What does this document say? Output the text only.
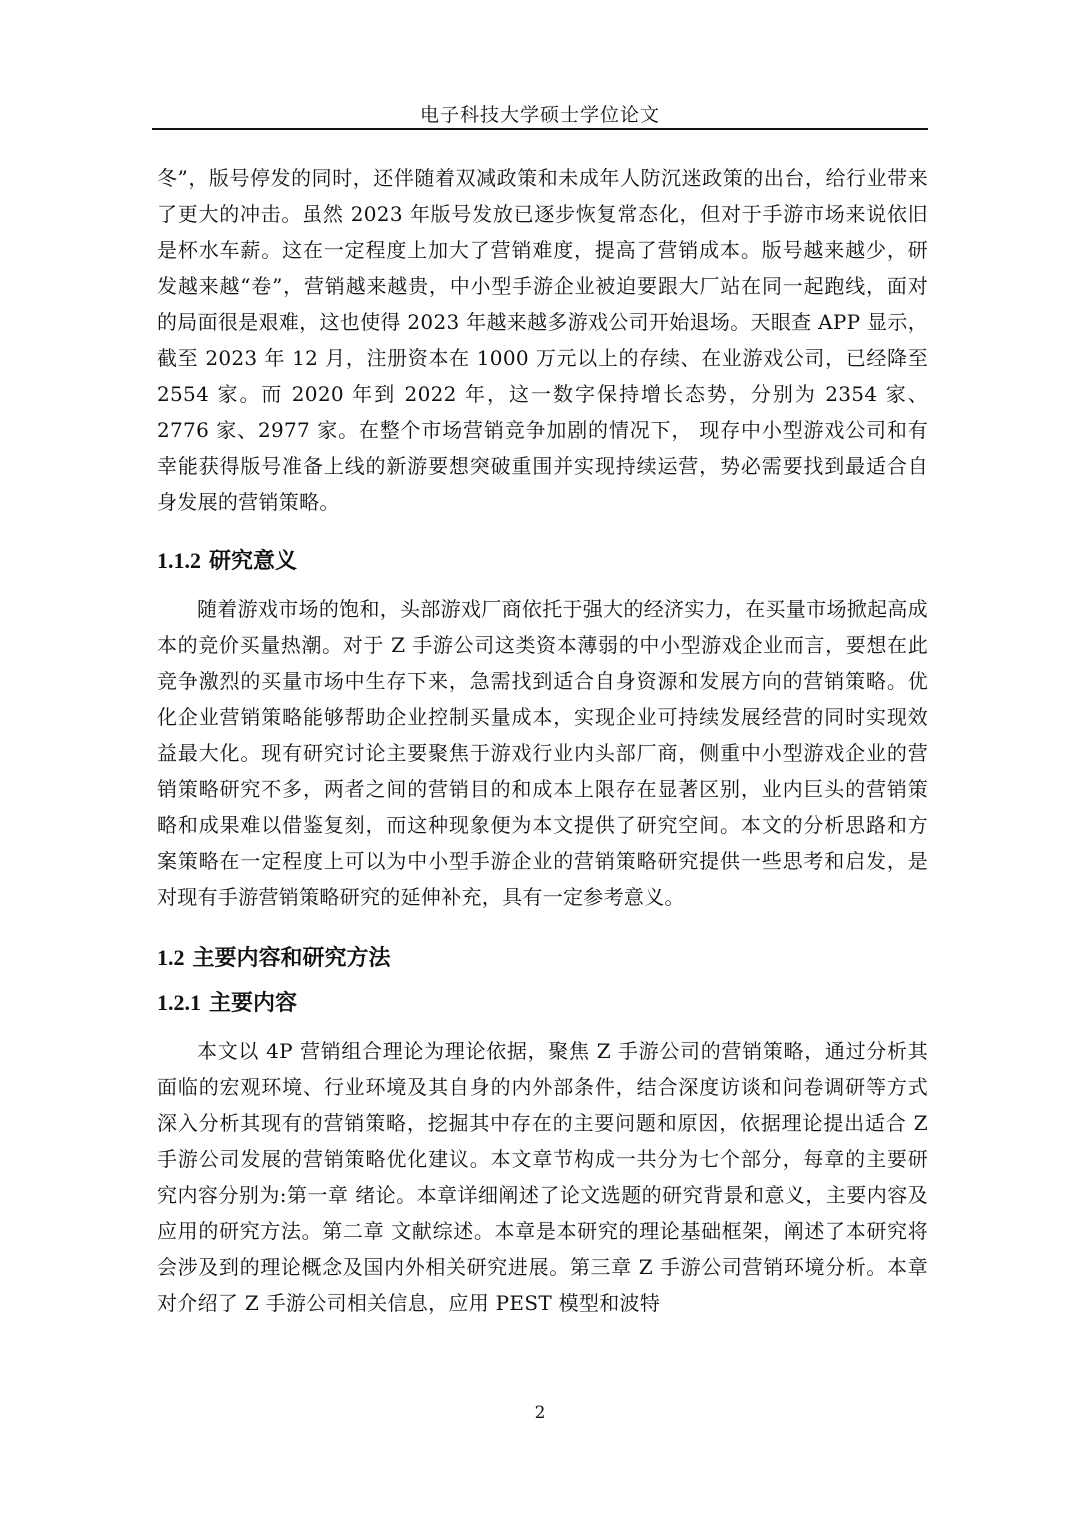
电子科技大学硕士学位论文

冬”，版号停发的同时，还伴随着双减政策和未成年人防沉迷政策的出台，给行业带来了更大的冲击。虽然 2023 年版号发放已逐步恢复常态化，但对于手游市场来说依旧是杯水车薪。这在一定程度上加大了营销难度，提高了营销成本。版号越来越少，研发越来越“卷”，营销越来越贵，中小型手游企业被迫要跟大厂站在同一起跑线，面对的局面很是艰难，这也使得 2023 年越来越多游戏公司开始退场。天眼查 APP 显示，截至 2023 年 12 月，注册资本在 1000 万元以上的存续、在业游戏公司，已经降至 2554 家。而 2020 年到 2022 年，这一数字保持增长态势，分别为 2354 家、2776 家、2977 家。在整个市场营销竞争加剧的情况下， 现存中小型游戏公司和有幸能获得版号准备上线的新游要想突破重围并实现持续运营，势必需要找到最适合自身发展的营销策略。

1.1.2 研究意义

随着游戏市场的饱和，头部游戏厂商依托于强大的经济实力，在买量市场掀起高成本的竞价买量热潮。对于 Z 手游公司这类资本薄弱的中小型游戏企业而言，要想在此竞争激烈的买量市场中生存下来，急需找到适合自身资源和发展方向的营销策略。优化企业营销策略能够帮助企业控制买量成本，实现企业可持续发展经营的同时实现效益最大化。现有研究讨论主要聚焦于游戏行业内头部厂商，侧重中小型游戏企业的营销策略研究不多，两者之间的营销目的和成本上限存在显著区别，业内巨头的营销策略和成果难以借鉴复刻，而这种现象便为本文提供了研究空间。本文的分析思路和方案策略在一定程度上可以为中小型手游企业的营销策略研究提供一些思考和启发，是对现有手游营销策略研究的延伸补充，具有一定参考意义。

1.2 主要内容和研究方法
1.2.1 主要内容

本文以 4P 营销组合理论为理论依据，聚焦 Z 手游公司的营销策略，通过分析其面临的宏观环境、行业环境及其自身的内外部条件，结合深度访谈和问卷调研等方式深入分析其现有的营销策略，挖掘其中存在的主要问题和原因，依据理论提出适合 Z 手游公司发展的营销策略优化建议。本文章节构成一共分为七个部分，每章的主要研究内容分别为:第一章 绪论。本章详细阐述了论文选题的研究背景和意义，主要内容及应用的研究方法。第二章 文献综述。本章是本研究的理论基础框架，阐述了本研究将会涉及到的理论概念及国内外相关研究进展。第三章 Z 手游公司营销环境分析。本章对介绍了 Z 手游公司相关信息，应用 PEST 模型和波特

2
